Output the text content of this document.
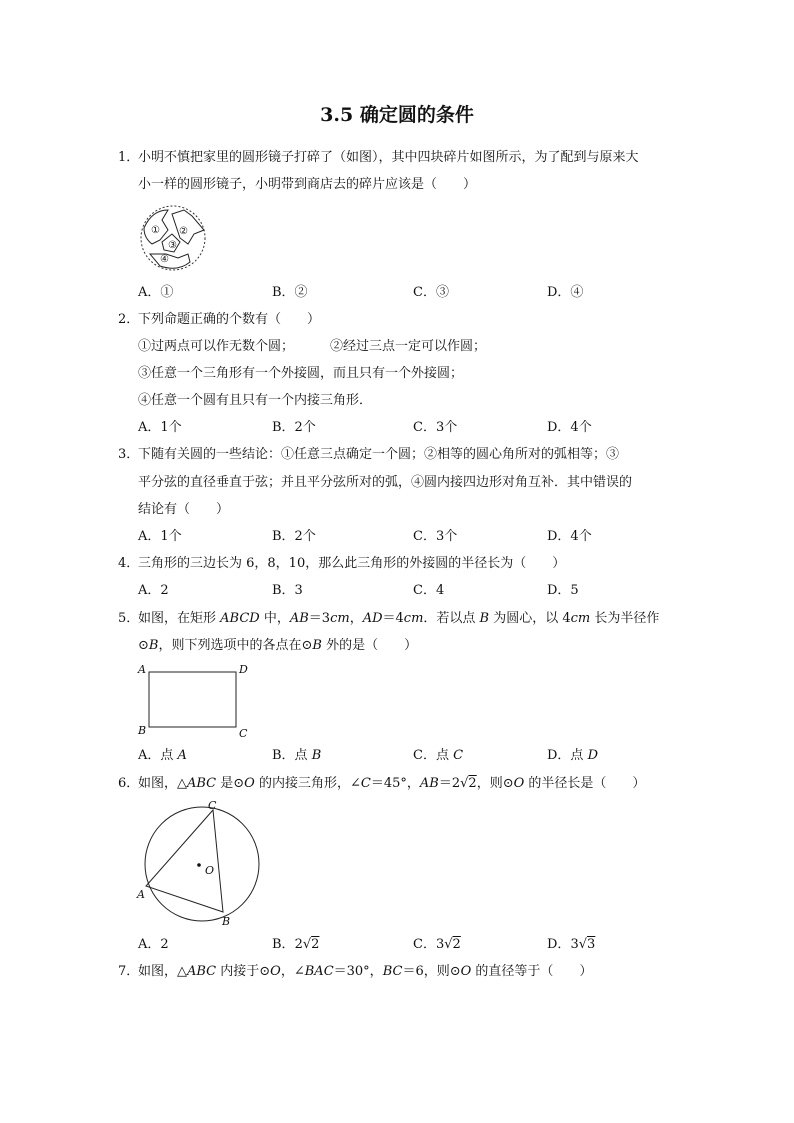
3.5 确定圆的条件
1．
小明不慎把家里的圆形镜子打碎了（如图），其中四块碎片如图所示，为了配到与原来大
小一样的圆形镜子，小明带到商店去的碎片应该是（　　）
① ②
③
④
A．①	B．②	C．③	D．④
2．
下列命题正确的个数有（　　）
①过两点可以作无数个圆；	②经过三点一定可以作圆；
③任意一个三角形有一个外接圆，而且只有一个外接圆；
④任意一个圆有且只有一个内接三角形．
A．1个	B．2个	C．3个	D．4个
3．
下随有关圆的一些结论：①任意三点确定一个圆；②相等的圆心角所对的弧相等；③
平分弦的直径垂直于弦；并且平分弦所对的弧，④圆内接四边形对角互补．其中错误的
结论有（　　）
A．1个	B．2个	C．3个	D．4个
4．
三角形的三边长为 6，8，10，那么此三角形的外接圆的半径长为（　　）
A．2	B．3	C．4	D．5
5．
如图，在矩形 ABCD 中，AB＝3cm，AD＝4cm．若以点 B 为圆心，以 4cm 长为半径作
⊙B，则下列选项中的各点在⊙B 外的是（　　）
A	D
B	C
A．点 A	B．点 B	C．点 C	D．点 D
6．
如图，△ABC 是⊙O 的内接三角形，∠C＝45°，AB＝2√2，则⊙O 的半径长是（　　）
C
O
A
B
A．2	B．2√2	C．3√2	D．3√3
7．
如图，△ABC 内接于⊙O，∠BAC＝30°，BC＝6，则⊙O 的直径等于（　　）
